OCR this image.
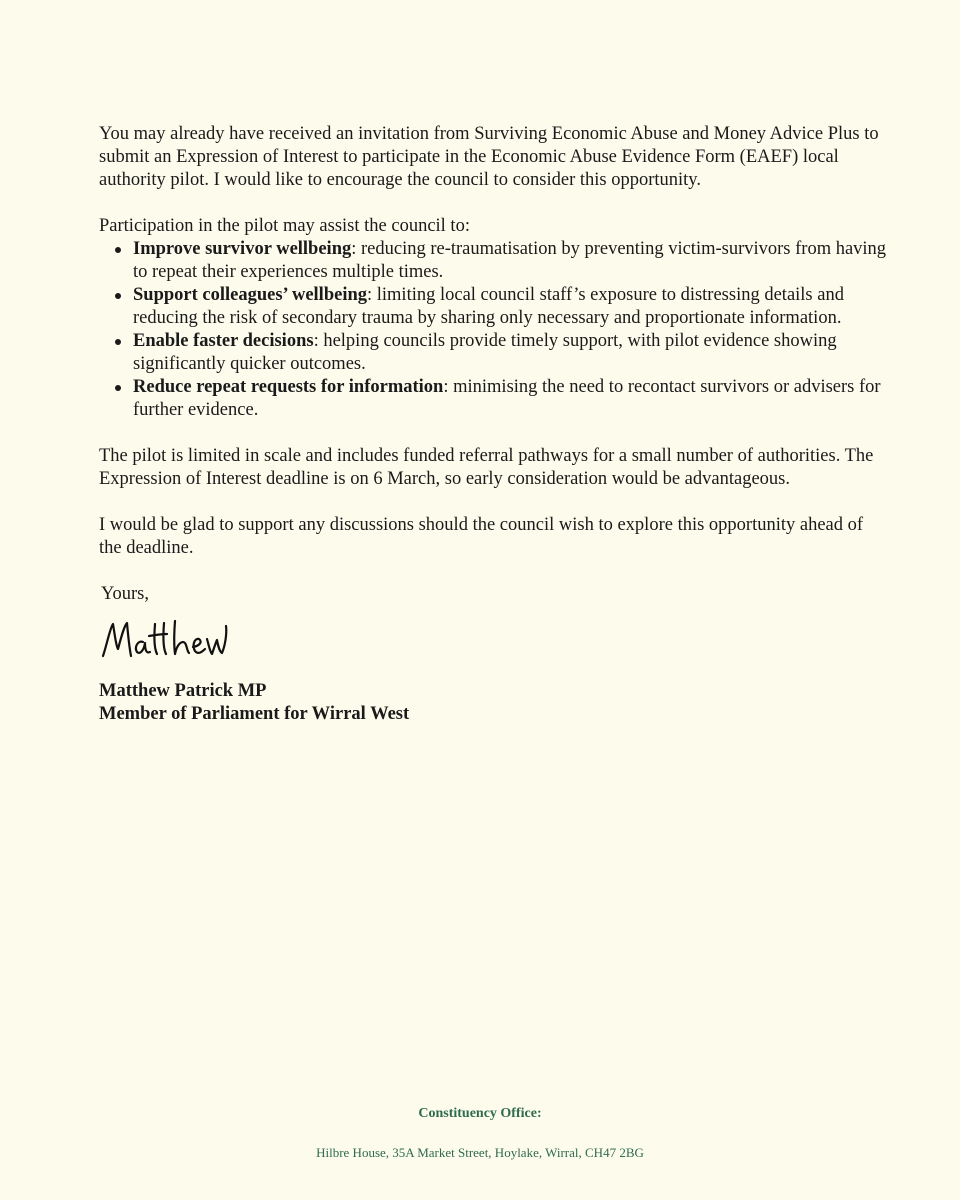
You may already have received an invitation from Surviving Economic Abuse and Money Advice Plus to submit an Expression of Interest to participate in the Economic Abuse Evidence Form (EAEF) local authority pilot. I would like to encourage the council to consider this opportunity.

Participation in the pilot may assist the council to:

Improve survivor wellbeing: reducing re-traumatisation by preventing victim-survivors from having to repeat their experiences multiple times.
Support colleagues’ wellbeing: limiting local council staff’s exposure to distressing details and reducing the risk of secondary trauma by sharing only necessary and proportionate information.
Enable faster decisions: helping councils provide timely support, with pilot evidence showing significantly quicker outcomes.
Reduce repeat requests for information: minimising the need to recontact survivors or advisers for further evidence.

The pilot is limited in scale and includes funded referral pathways for a small number of authorities. The Expression of Interest deadline is on 6 March, so early consideration would be advantageous.

I would be glad to support any discussions should the council wish to explore this opportunity ahead of the deadline.

Yours,

Matthew Patrick MP
Member of Parliament for Wirral West
Constituency Office:
Hilbre House, 35A Market Street, Hoylake, Wirral, CH47 2BG
